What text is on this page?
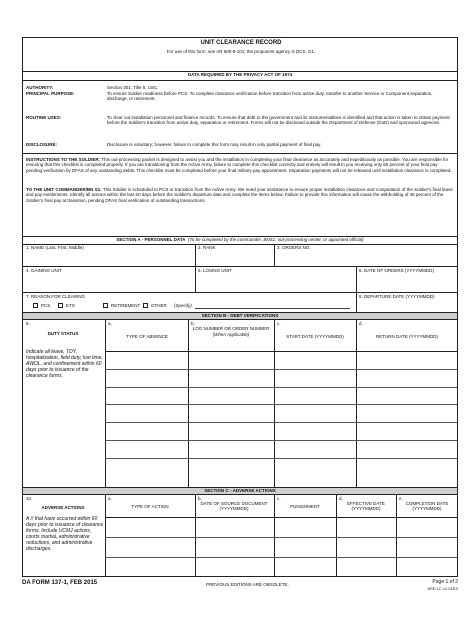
UNIT CLEARANCE RECORD
For use of this form, see AR 600-8-101; the proponent agency is DCS, G1.
DATA REQUIRED BY THE PRIVACY ACT OF 1974
AUTHORITY:	Section 301, Title 5, USC.
PRINCIPAL PURPOSE:	To ensure Soldier readiness before PCS. To complete clearance verification before transition from active duty, transfer to another Service or Component,separation, discharge, or retirement.
ROUTINE USES:	To clear out installation personnel and finance records. To ensure that debt to the government and its instrumentalities is identified and that action is taken to obtain payment before the Soldier's transition from active duty, separation or retirement. Forms will not be disclosed outside the Department of Defense (DoD) and sponsored agencies.
DISCLOSURE:	Disclosure is voluntary; however, failure to complete this form may result in only partial payment of final pay.
INSTRUCTIONS TO THE SOLDIER: This out-processing packet is designed to assist you and the installation in completing your final clearance as accurately and expeditiously as possible. You are responsible for ensuring that this checklist is completed properly. If you are transitioning from the Active Army, failure to complete this checklist correctly and entirely will result in you receiving only 55 percent of your final pay pending verification by DFAS of any outstanding debts. This checklist must be completed before your final military pay appointment. Separation payments will not be released until installation clearance is completed.
TO THE UNIT COMMANDER/BN S1: This Soldier is scheduled to PCS or transition from the Active Army. We need your assistance to ensure proper installation clearance and computation of the Soldier's final leave and pay entitlements. Identify all actions within the last 60 days before the Soldier's departure date and complete the items below. Failure to provide this information will cause the withholding of 45 percent of the Soldier's final pay at transition, pending DFAS final verification of outstanding transactions.
SECTION A - PERSONNEL DATA (To be completed by the commander, BNS1, out-processing center, or appointed official)
1. NAME (Last, First, Middle)	2. RANK	3. ORDERS NO.
4. GAINING UNIT	5. LOSING UNIT	6. DATE OF ORDERS (YYYYMMDD)
7. REASON FOR CLEARING
PCS	ETS	RETIREMENT OTHER (Specify)
8. DEPARTURE DATE (YYYYMMDD)
SECTION B - DEBT VERIFICATIONS
9.
DUTY STATUS
Indicate all leave, TDY, hospitalization, field duty, lost time, AWOL, and confinement within 60 days prior to issuance of the clearance forms.
a.
TYPE OF ABSENCE
b.
LOG NUMBER OR ORDER NUMBER
(When Applicable)
c.
START DATE (YYYYMMDD)
d.
RETURN DATE (YYYYMMDD)
SECTION C - ADVERSE ACTIONS
10.
ADVERSE ACTIONS
A // that have occurred within 60 days prior to issuance of clearance forms. Include UCMJ actions, courts martial, administrative reductions, and administrative discharges.
a.
TYPE OF ACTION
b.
DATE OF SOURCE DOCUMENT (YYYYMMDD)
c.
PUNISHMENT
d.
EFFECTIVE DATE (YYYYMMDD)
e.
COMPLETION DATE (YYYYMMDD)
DA FORM 137-1, FEB 2015	PREVIOUS EDITIONS ARE OBSOLETE.	Page 1 of 2
APD LC v1.01ES
